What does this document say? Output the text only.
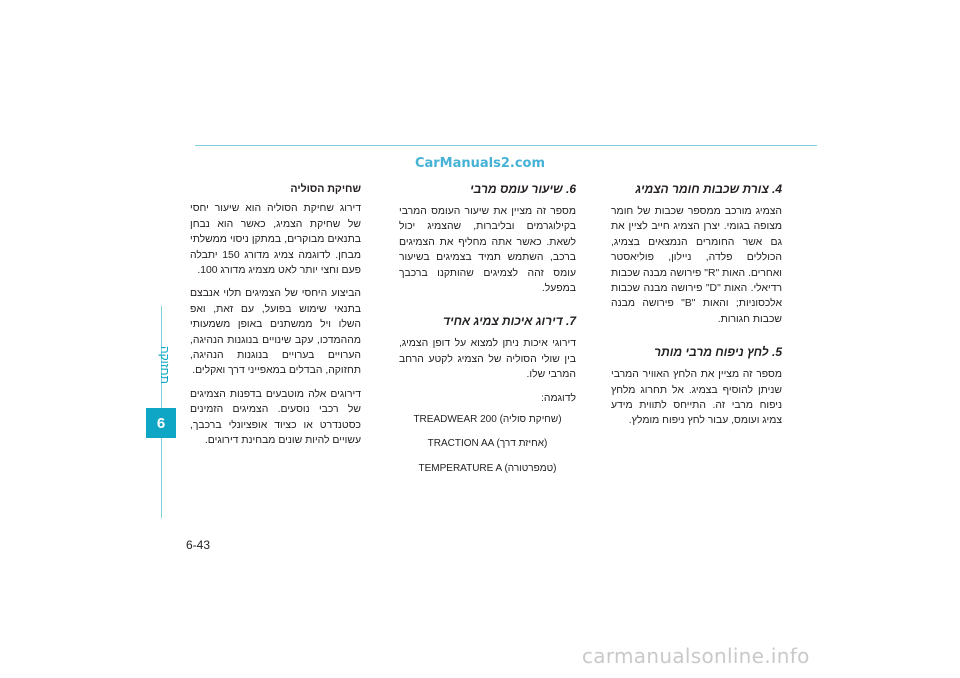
CarManuals2.com
תחזוקה
6
6-43
4. צורת שכבות חומר הצמיג

הצמיג מורכב ממספר שכבות של חומר מצופה בגומי. יצרן הצמיג חייב לציין את גם אשר החומרים הנמצאים בצמיג, הכוללים פלדה, ניילון, פוליאסטר ואחרים. האות "R" פירושה מבנה שכבות רדיאלי. האות "D" פירושה מבנה שכבות אלכסוניות; והאות "B" פירושה מבנה שכבות חגורות.

5. לחץ ניפוח מרבי מותר

מספר זה מציין את הלחץ האוויר המרבי שניתן להוסיף בצמיג. אל תחרוג מלחץ ניפוח מרבי זה. התייחס לתווית מידע צמיג ועומס, עבור לחץ ניפוח מומלץ.

6. שיעור עומס מרבי

מספר זה מציין את שיעור העומס המרבי בקילוגרמים ובליברות, שהצמיג יכול לשאת. כאשר אתה מחליף את הצמיגים ברכב, השתמש תמיד בצמיגים בשיעור עומס זהה לצמיגים שהותקנו ברכבך במפעל.

7. דירוג איכות צמיג אחיד

דירוגי איכות ניתן למצוא על דופן הצמיג, בין שולי הסוליה של הצמיג לקטע הרחב המרבי שלו.

לדוגמה:
TREADWEAR 200 (שחיקת סוליה)
TRACTION AA (אחיזת דרך)
TEMPERATURE A (טמפרטורה)
שחיקת הסוליה

דירוג שחיקת הסוליה הוא שיעור יחסי של שחיקת הצמיג, כאשר הוא נבחן בתנאים מבוקרים, במתקן ניסוי ממשלתי מבחן. לדוגמה צמיג מדורג 150 יתבלה פעם וחצי יותר לאט מצמיג מדורג 100.

הביצוע היחסי של הצמיגים תלוי אנבצם בתנאי שימוש בפועל, עם זאת, ואפ השלו ויל ממשתנים באופן משמעותי מההמדכו, עקב שינויים בנוגנות הנהיגה, הערויים בערויים בנוגנות הנהיגה, תחזוקה, הבדלים במאפייני דרך ואקלים.

דירוגים אלה מוטבעים בדפנות הצמיגים של רכבי נוסעים. הצמיגים הזמינים כסטנדרט או כציוד אופציונלי ברכבך, עשויים להיות שונים מבחינת דירוגים.

carmanualsonline.info
